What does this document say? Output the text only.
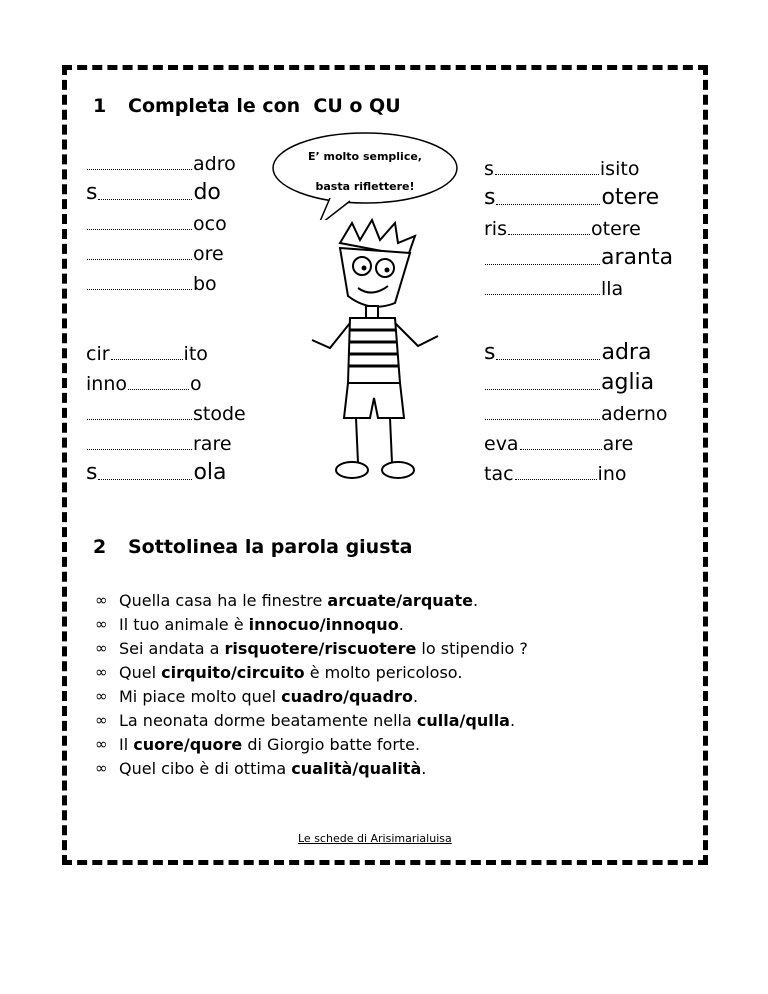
1 Completa le con  CU o QU
adro
s	do
oco
ore
bo
cir	ito
inno	o
stode
rare
s	ola
s	isito
s	otere
ris	otere
aranta
lla
s	adra
aglia
aderno
eva	are
tac	ino
E’ molto semplice,
basta riflettere!
2 Sottolinea la parola giusta
∞ Quella casa ha le finestre arcuate/arquate .
∞ Il tuo animale è innocuo/innoquo .
∞ Sei andata a risquotere/riscuotere lo stipendio ?
∞ Quel cirquito/circuito è molto pericoloso.
∞ Mi piace molto quel cuadro/quadro .
∞ La neonata dorme beatamente nella culla/qulla .
∞ Il cuore/quore di Giorgio batte forte.
∞ Quel cibo è di ottima cualità/qualità .
Le schede di Arisimarialuisa
